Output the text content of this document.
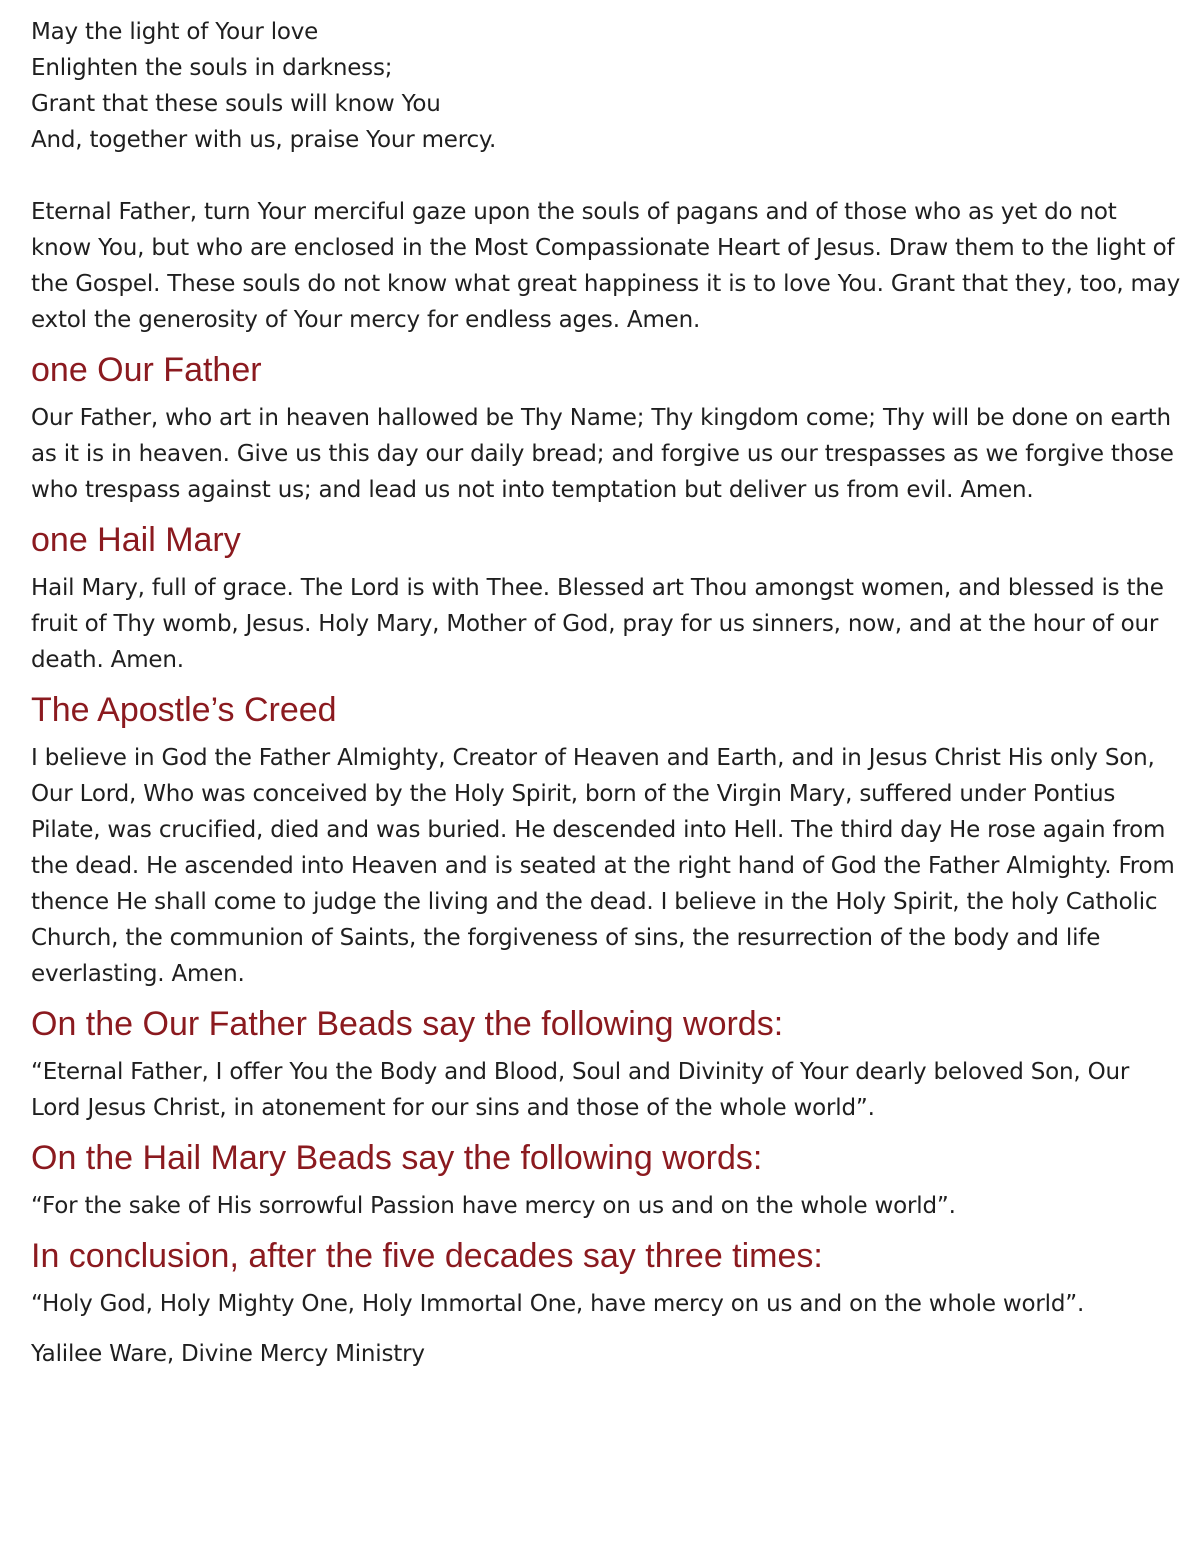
May the light of Your love

Enlighten the souls in darkness;

Grant that these souls will know You

And, together with us, praise Your mercy.

Eternal Father, turn Your merciful gaze upon the souls of pagans and of those who as yet do not know You, but who are enclosed in the Most Compassionate Heart of Jesus. Draw them to the light of the Gospel. These souls do not know what great happiness it is to love You. Grant that they, too, may extol the generosity of Your mercy for endless ages. Amen.

one Our Father

Our Father, who art in heaven hallowed be Thy Name; Thy kingdom come; Thy will be done on earth as it is in heaven. Give us this day our daily bread; and forgive us our trespasses as we forgive those who trespass against us; and lead us not into temptation but deliver us from evil. Amen.

one Hail Mary

Hail Mary, full of grace. The Lord is with Thee. Blessed art Thou amongst women, and blessed is the fruit of Thy womb, Jesus. Holy Mary, Mother of God, pray for us sinners, now, and at the hour of our death. Amen.

The Apostle’s Creed

I believe in God the Father Almighty, Creator of Heaven and Earth, and in Jesus Christ His only Son, Our Lord, Who was conceived by the Holy Spirit, born of the Virgin Mary, suffered under Pontius Pilate, was crucified, died and was buried. He descended into Hell. The third day He rose again from the dead. He ascended into Heaven and is seated at the right hand of God the Father Almighty. From thence He shall come to judge the living and the dead. I believe in the Holy Spirit, the holy Catholic Church, the communion of Saints, the forgiveness of sins, the resurrection of the body and life everlasting. Amen.

On the Our Father Beads say the following words:

“Eternal Father, I offer You the Body and Blood, Soul and Divinity of Your dearly beloved Son, Our Lord Jesus Christ, in atonement for our sins and those of the whole world”.

On the Hail Mary Beads say the following words:

“For the sake of His sorrowful Passion have mercy on us and on the whole world”.

In conclusion, after the five decades say three times:

“Holy God, Holy Mighty One, Holy Immortal One, have mercy on us and on the whole world”.

Yalilee Ware, Divine Mercy Ministry
